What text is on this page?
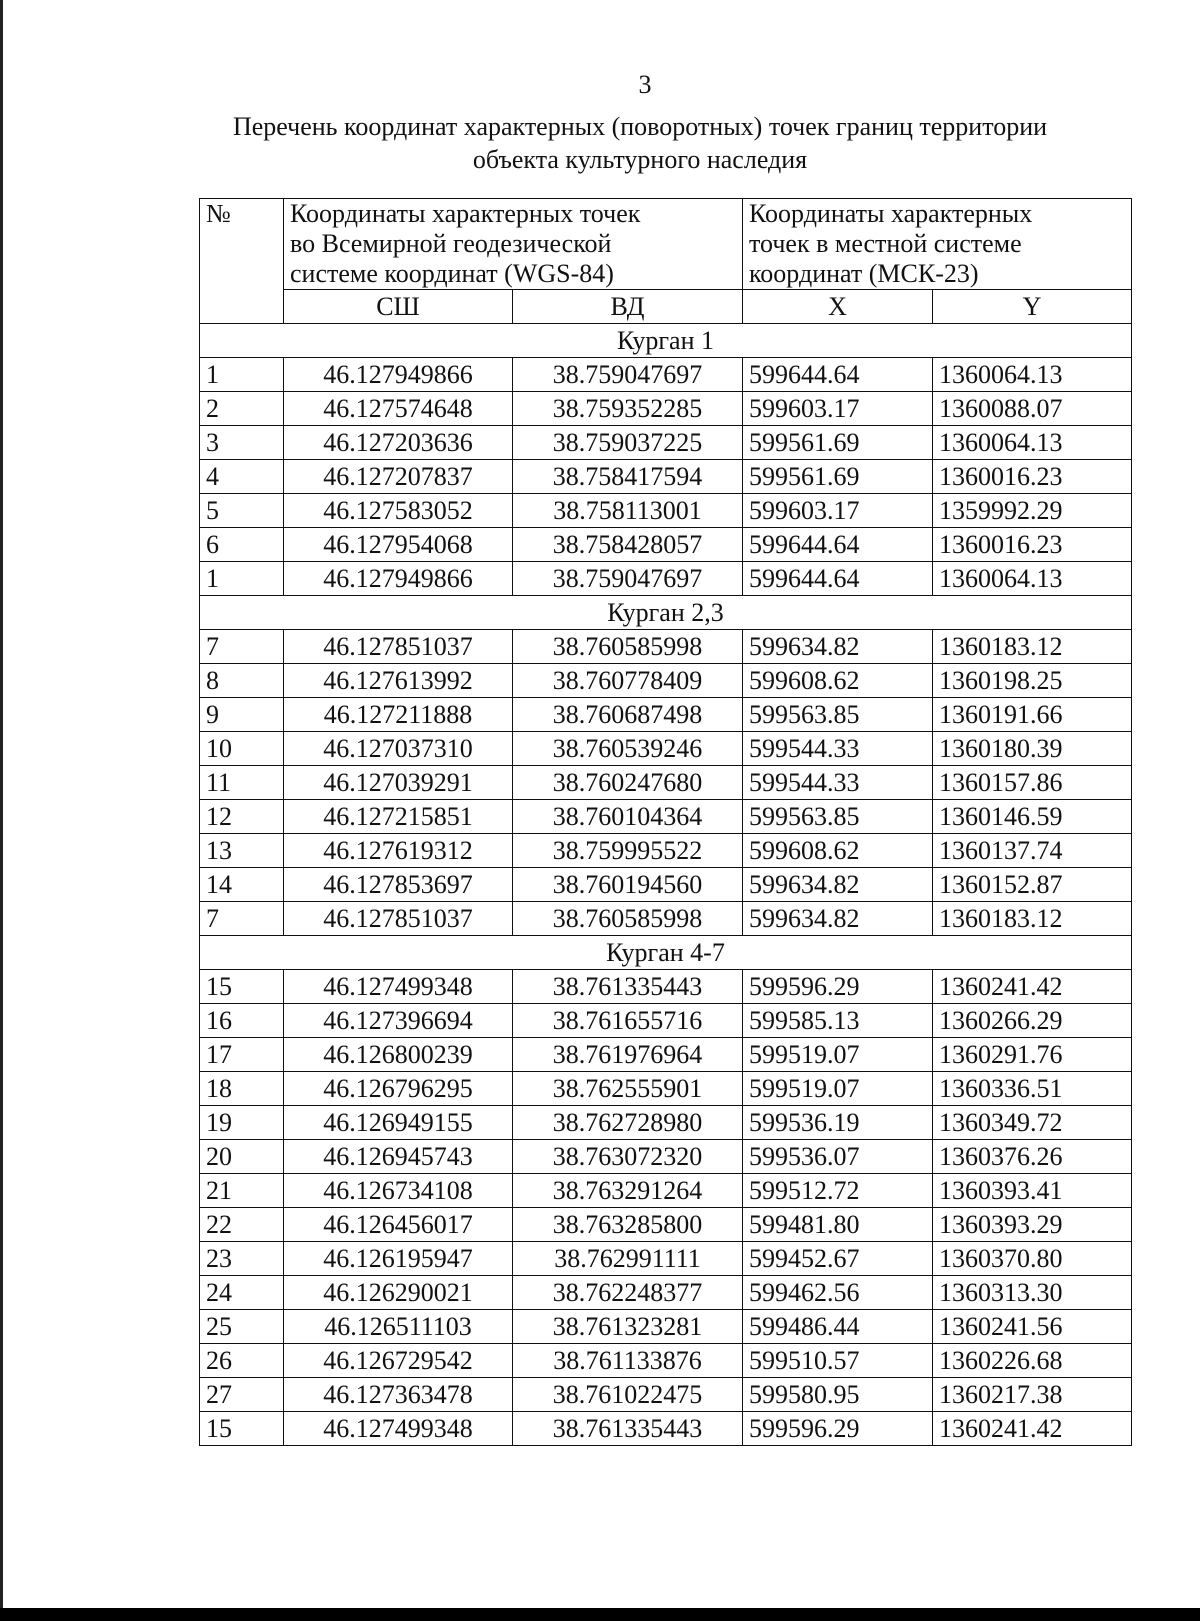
3
Перечень координат характерных (поворотных) точек границ территории
объекта культурного наследия
№	Координаты характерных точек
во Всемирной геодезической
системе координат (WGS-84)		Координаты характерных
точек в местной системе
координат (МСК-23)	

	СШ	ВД	X	Y
Курган 1				
1	46.127949866	38.759047697	599644.64	1360064.13
2	46.127574648	38.759352285	599603.17	1360088.07
3	46.127203636	38.759037225	599561.69	1360064.13
4	46.127207837	38.758417594	599561.69	1360016.23
5	46.127583052	38.758113001	599603.17	1359992.29
6	46.127954068	38.758428057	599644.64	1360016.23
1	46.127949866	38.759047697	599644.64	1360064.13
Курган 2,3				
7	46.127851037	38.760585998	599634.82	1360183.12
8	46.127613992	38.760778409	599608.62	1360198.25
9	46.127211888	38.760687498	599563.85	1360191.66
10	46.127037310	38.760539246	599544.33	1360180.39
11	46.127039291	38.760247680	599544.33	1360157.86
12	46.127215851	38.760104364	599563.85	1360146.59
13	46.127619312	38.759995522	599608.62	1360137.74
14	46.127853697	38.760194560	599634.82	1360152.87
7	46.127851037	38.760585998	599634.82	1360183.12
Курган 4-7				
15	46.127499348	38.761335443	599596.29	1360241.42
16	46.127396694	38.761655716	599585.13	1360266.29
17	46.126800239	38.761976964	599519.07	1360291.76
18	46.126796295	38.762555901	599519.07	1360336.51
19	46.126949155	38.762728980	599536.19	1360349.72
20	46.126945743	38.763072320	599536.07	1360376.26
21	46.126734108	38.763291264	599512.72	1360393.41
22	46.126456017	38.763285800	599481.80	1360393.29
23	46.126195947	38.762991111	599452.67	1360370.80
24	46.126290021	38.762248377	599462.56	1360313.30
25	46.126511103	38.761323281	599486.44	1360241.56
26	46.126729542	38.761133876	599510.57	1360226.68
27	46.127363478	38.761022475	599580.95	1360217.38
15	46.127499348	38.761335443	599596.29	1360241.42
